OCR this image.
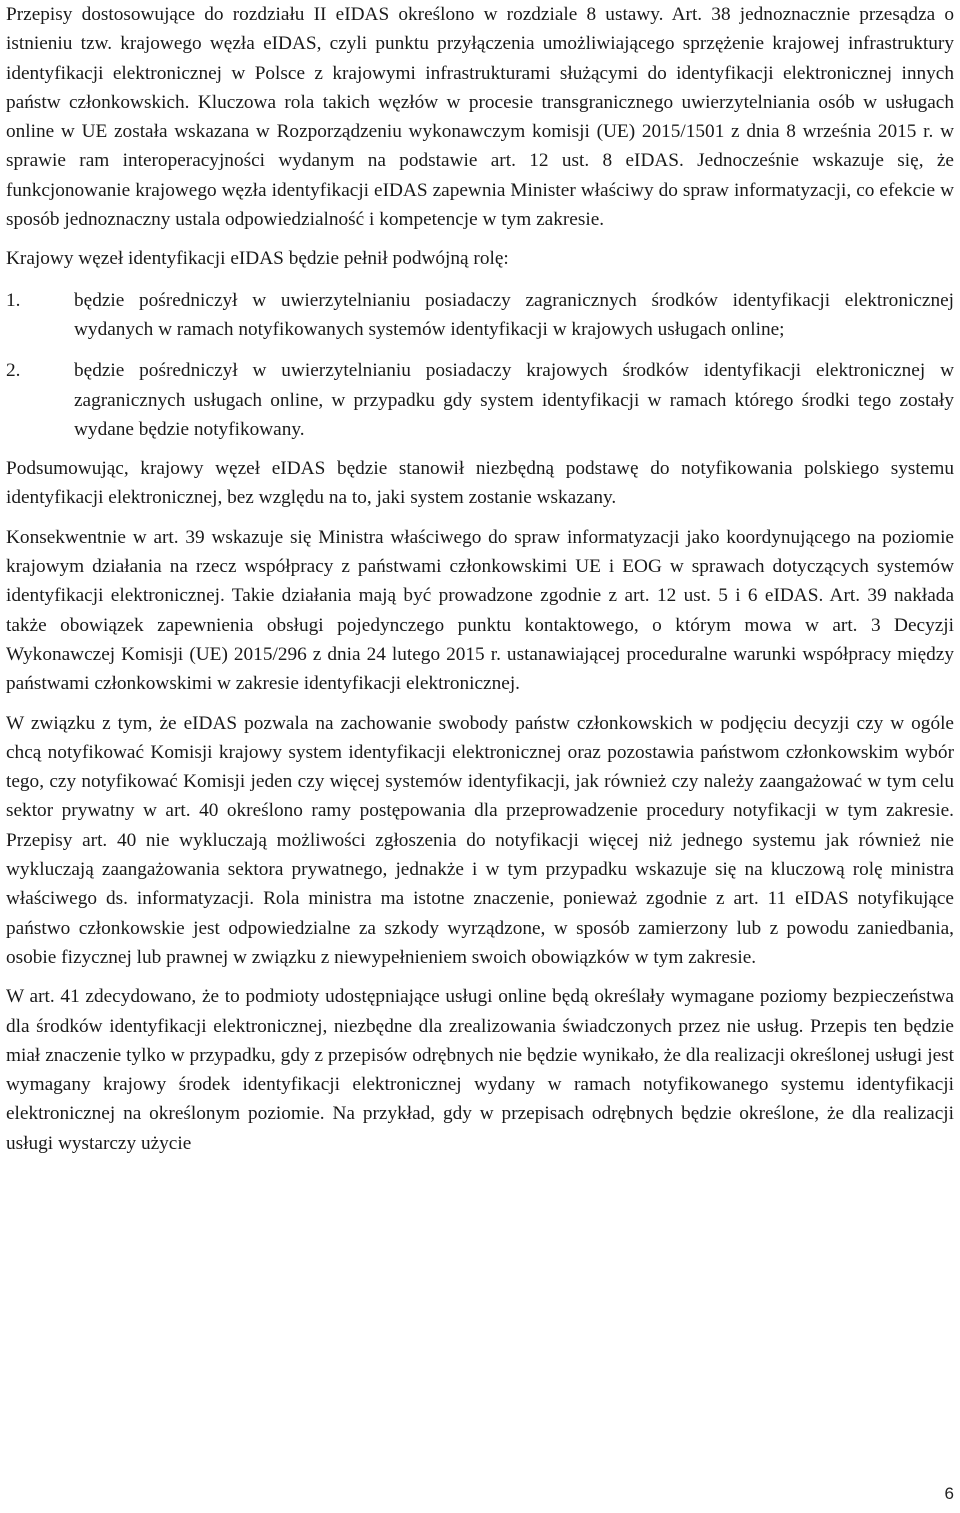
Przepisy dostosowujące do rozdziału II eIDAS określono w rozdziale 8 ustawy. Art. 38 jednoznacznie przesądza o istnieniu tzw. krajowego węzła eIDAS, czyli punktu przyłączenia umożliwiającego sprzężenie krajowej infrastruktury identyfikacji elektronicznej w Polsce z krajowymi infrastrukturami służącymi do identyfikacji elektronicznej innych państw członkowskich. Kluczowa rola takich węzłów w procesie transgranicznego uwierzytelniania osób w usługach online w UE została wskazana w Rozporządzeniu wykonawczym komisji (UE) 2015/1501 z dnia 8 września 2015 r. w sprawie ram interoperacyjności wydanym na podstawie art. 12 ust. 8 eIDAS. Jednocześnie wskazuje się, że funkcjonowanie krajowego węzła identyfikacji eIDAS zapewnia Minister właściwy do spraw informatyzacji, co efekcie w sposób jednoznaczny ustala odpowiedzialność i kompetencje w tym zakresie.

Krajowy węzeł identyfikacji eIDAS będzie pełnił podwójną rolę:

1.	będzie pośredniczył w uwierzytelnianiu posiadaczy zagranicznych środków identyfikacji elektronicznej wydanych w ramach notyfikowanych systemów identyfikacji w krajowych usługach online;
2.	będzie pośredniczył w uwierzytelnianiu posiadaczy krajowych środków identyfikacji elektronicznej w zagranicznych usługach online, w przypadku gdy system identyfikacji w ramach którego środki tego zostały wydane będzie notyfikowany.

Podsumowując, krajowy węzeł eIDAS będzie stanowił niezbędną podstawę do notyfikowania polskiego systemu identyfikacji elektronicznej, bez względu na to, jaki system zostanie wskazany.

Konsekwentnie w art. 39 wskazuje się Ministra właściwego do spraw informatyzacji jako koordynującego na poziomie krajowym działania na rzecz współpracy z państwami członkowskimi UE i EOG w sprawach dotyczących systemów identyfikacji elektronicznej. Takie działania mają być prowadzone zgodnie z art. 12 ust. 5 i 6 eIDAS. Art. 39 nakłada także obowiązek zapewnienia obsługi pojedynczego punktu kontaktowego, o którym mowa w art. 3 Decyzji Wykonawczej Komisji (UE) 2015/296 z dnia 24 lutego 2015 r. ustanawiającej proceduralne warunki współpracy między państwami członkowskimi w zakresie identyfikacji elektronicznej.

W związku z tym, że eIDAS pozwala na zachowanie swobody państw członkowskich w podjęciu decyzji czy w ogóle chcą notyfikować Komisji krajowy system identyfikacji elektronicznej oraz pozostawia państwom członkowskim wybór tego, czy notyfikować Komisji jeden czy więcej systemów identyfikacji, jak również czy należy zaangażować w tym celu sektor prywatny w art. 40 określono ramy postępowania dla przeprowadzenie procedury notyfikacji w tym zakresie. Przepisy art. 40 nie wykluczają możliwości zgłoszenia do notyfikacji więcej niż jednego systemu jak również nie wykluczają zaangażowania sektora prywatnego, jednakże i w tym przypadku wskazuje się na kluczową rolę ministra właściwego ds. informatyzacji. Rola ministra ma istotne znaczenie, ponieważ zgodnie z art. 11 eIDAS notyfikujące państwo członkowskie jest odpowiedzialne za szkody wyrządzone, w sposób zamierzony lub z powodu zaniedbania, osobie fizycznej lub prawnej w związku z niewypełnieniem swoich obowiązków w tym zakresie.

W art. 41 zdecydowano, że to podmioty udostępniające usługi online będą określały wymagane poziomy bezpieczeństwa dla środków identyfikacji elektronicznej, niezbędne dla zrealizowania świadczonych przez nie usług. Przepis ten będzie miał znaczenie tylko w przypadku, gdy z przepisów odrębnych nie będzie wynikało, że dla realizacji określonej usługi jest wymagany krajowy środek identyfikacji elektronicznej wydany w ramach notyfikowanego systemu identyfikacji elektronicznej na określonym poziomie. Na przykład, gdy w przepisach odrębnych będzie określone, że dla realizacji usługi wystarczy użycie

6
